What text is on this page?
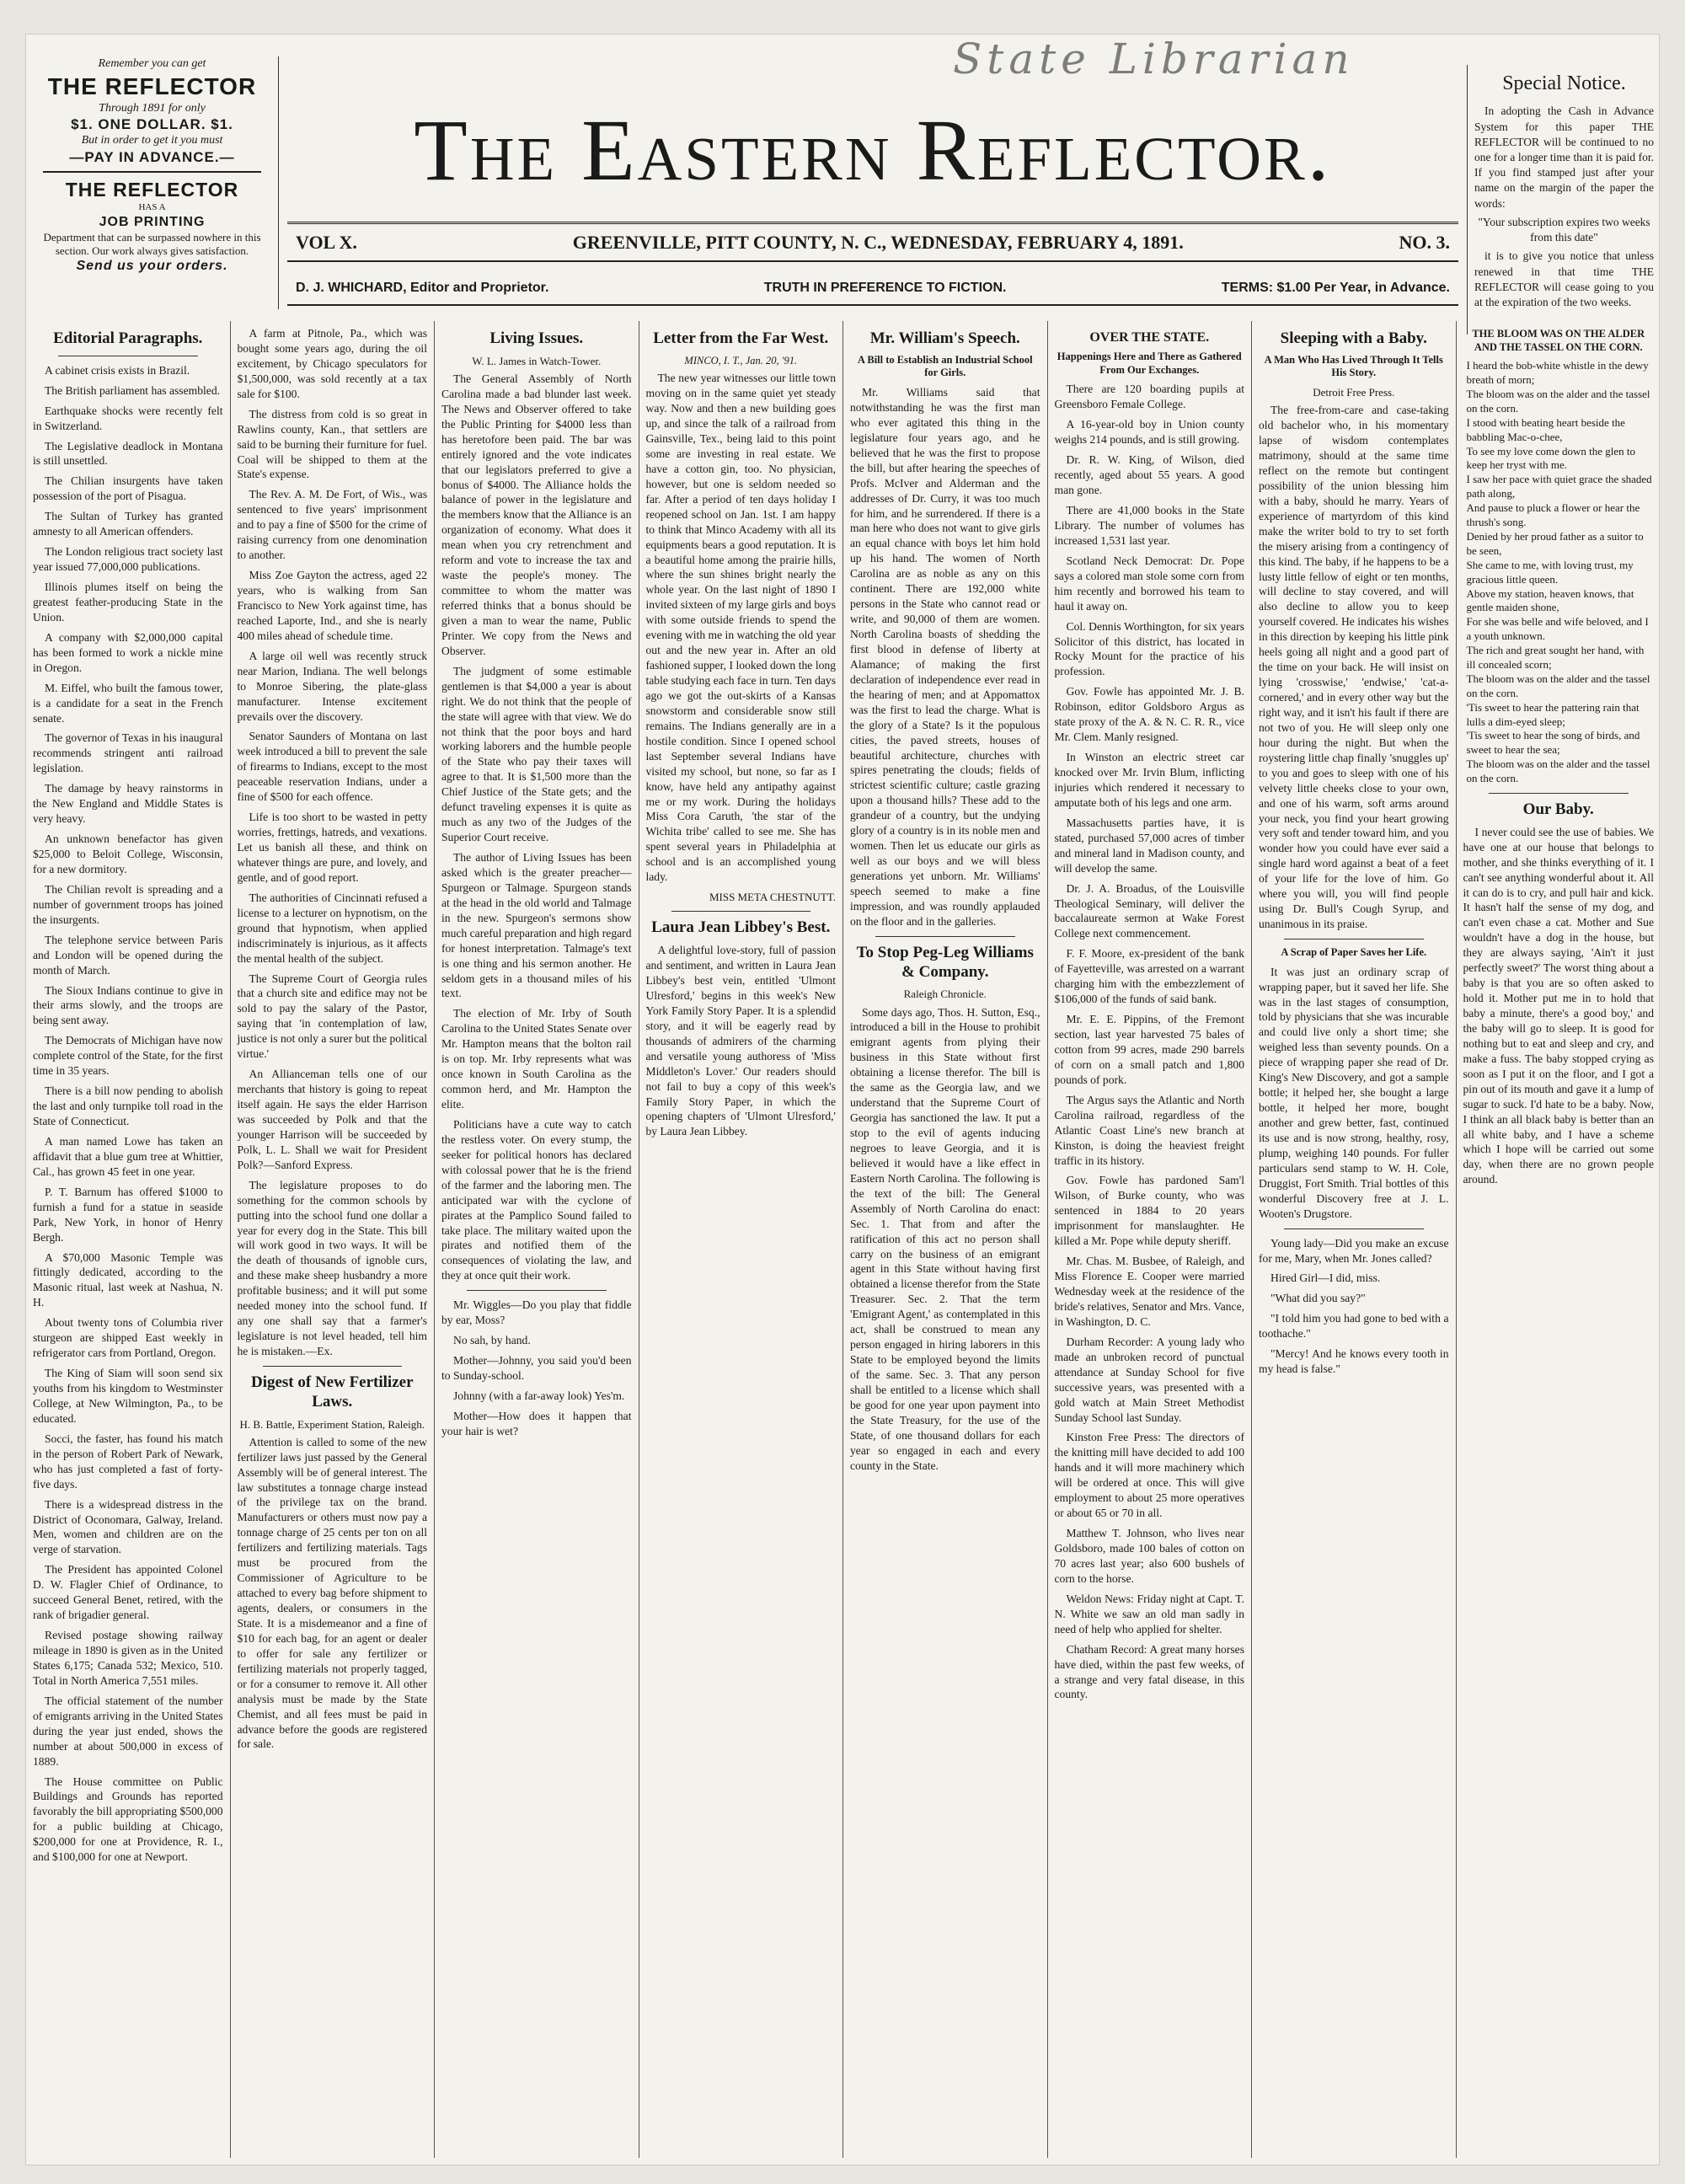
State Librarian
Remember you can get
THE REFLECTOR
Through 1891 for only
$1. ONE DOLLAR. $1.
But in order to get it you must
—PAY IN ADVANCE.—
THE REFLECTOR
HAS A
JOB PRINTING
Department that can be surpassed nowhere in this section. Our work always gives satisfaction.
Send us your orders.
The Eastern Reflector.
VOL X.	GREENVILLE, PITT COUNTY, N. C., WEDNESDAY, FEBRUARY 4, 1891.	NO. 3.
D. J. WHICHARD, Editor and Proprietor.	TRUTH IN PREFERENCE TO FICTION.	TERMS: $1.00 Per Year, in Advance.
Special Notice.

In adopting the Cash in Advance System for this paper THE REFLECTOR will be continued to no one for a longer time than it is paid for. If you find stamped just after your name on the margin of the paper the words:

"Your subscription expires two weeks from this date"

it is to give you notice that unless renewed in that time THE REFLECTOR will cease going to you at the expiration of the two weeks.

Editorial Paragraphs.

A cabinet crisis exists in Brazil.

The British parliament has assembled.

Earthquake shocks were recently felt in Switzerland.

The Legislative deadlock in Montana is still unsettled.

The Chilian insurgents have taken possession of the port of Pisagua.

The Sultan of Turkey has granted amnesty to all American offenders.

The London religious tract society last year issued 77,000,000 publications.

Illinois plumes itself on being the greatest feather-producing State in the Union.

A company with $2,000,000 capital has been formed to work a nickle mine in Oregon.

M. Eiffel, who built the famous tower, is a candidate for a seat in the French senate.

The governor of Texas in his inaugural recommends stringent anti railroad legislation.

The damage by heavy rainstorms in the New England and Middle States is very heavy.

An unknown benefactor has given $25,000 to Beloit College, Wisconsin, for a new dormitory.

The Chilian revolt is spreading and a number of government troops has joined the insurgents.

The telephone service between Paris and London will be opened during the month of March.

The Sioux Indians continue to give in their arms slowly, and the troops are being sent away.

The Democrats of Michigan have now complete control of the State, for the first time in 35 years.

There is a bill now pending to abolish the last and only turnpike toll road in the State of Connecticut.

A man named Lowe has taken an affidavit that a blue gum tree at Whittier, Cal., has grown 45 feet in one year.

P. T. Barnum has offered $1000 to furnish a fund for a statue in seaside Park, New York, in honor of Henry Bergh.

A $70,000 Masonic Temple was fittingly dedicated, according to the Masonic ritual, last week at Nashua, N. H.

About twenty tons of Columbia river sturgeon are shipped East weekly in refrigerator cars from Portland, Oregon.

The King of Siam will soon send six youths from his kingdom to Westminster College, at New Wilmington, Pa., to be educated.

Socci, the faster, has found his match in the person of Robert Park of Newark, who has just completed a fast of forty-five days.

There is a widespread distress in the District of Oconomara, Galway, Ireland. Men, women and children are on the verge of starvation.

The President has appointed Colonel D. W. Flagler Chief of Ordinance, to succeed General Benet, retired, with the rank of brigadier general.

Revised postage showing railway mileage in 1890 is given as in the United States 6,175; Canada 532; Mexico, 510. Total in North America 7,551 miles.

The official statement of the number of emigrants arriving in the United States during the year just ended, shows the number at about 500,000 in excess of 1889.

The House committee on Public Buildings and Grounds has reported favorably the bill appropriating $500,000 for a public building at Chicago, $200,000 for one at Providence, R. I., and $100,000 for one at Newport.

A farm at Pitnole, Pa., which was bought some years ago, during the oil excitement, by Chicago speculators for $1,500,000, was sold recently at a tax sale for $100.

The distress from cold is so great in Rawlins county, Kan., that settlers are said to be burning their furniture for fuel. Coal will be shipped to them at the State's expense.

The Rev. A. M. De Fort, of Wis., was sentenced to five years' imprisonment and to pay a fine of $500 for the crime of raising currency from one denomination to another.

Miss Zoe Gayton the actress, aged 22 years, who is walking from San Francisco to New York against time, has reached Laporte, Ind., and she is nearly 400 miles ahead of schedule time.

A large oil well was recently struck near Marion, Indiana. The well belongs to Monroe Sibering, the plate-glass manufacturer. Intense excitement prevails over the discovery.

Senator Saunders of Montana on last week introduced a bill to prevent the sale of firearms to Indians, except to the most peaceable reservation Indians, under a fine of $500 for each offence.

Life is too short to be wasted in petty worries, frettings, hatreds, and vexations. Let us banish all these, and think on whatever things are pure, and lovely, and gentle, and of good report.

The authorities of Cincinnati refused a license to a lecturer on hypnotism, on the ground that hypnotism, when applied indiscriminately is injurious, as it affects the mental health of the subject.

The Supreme Court of Georgia rules that a church site and edifice may not be sold to pay the salary of the Pastor, saying that 'in contemplation of law, justice is not only a surer but the political virtue.'

An Allianceman tells one of our merchants that history is going to repeat itself again. He says the elder Harrison was succeeded by Polk and that the younger Harrison will be succeeded by Polk, L. L. Shall we wait for President Polk?—Sanford Express.

The legislature proposes to do something for the common schools by putting into the school fund one dollar a year for every dog in the State. This bill will work good in two ways. It will be the death of thousands of ignoble curs, and these make sheep husbandry a more profitable business; and it will put some needed money into the school fund. If any one shall say that a farmer's legislature is not level headed, tell him he is mistaken.—Ex.

Digest of New Fertilizer Laws.
H. B. Battle, Experiment Station, Raleigh.

Attention is called to some of the new fertilizer laws just passed by the General Assembly will be of general interest. The law substitutes a tonnage charge instead of the privilege tax on the brand. Manufacturers or others must now pay a tonnage charge of 25 cents per ton on all fertilizers and fertilizing materials. Tags must be procured from the Commissioner of Agriculture to be attached to every bag before shipment to agents, dealers, or consumers in the State. It is a misdemeanor and a fine of $10 for each bag, for an agent or dealer to offer for sale any fertilizer or fertilizing materials not properly tagged, or for a consumer to remove it. All other analysis must be made by the State Chemist, and all fees must be paid in advance before the goods are registered for sale.

Living Issues.
W. L. James in Watch-Tower.

The General Assembly of North Carolina made a bad blunder last week. The News and Observer offered to take the Public Printing for $4000 less than has heretofore been paid. The bar was entirely ignored and the vote indicates that our legislators preferred to give a bonus of $4000. The Alliance holds the balance of power in the legislature and the members know that the Alliance is an organization of economy. What does it mean when you cry retrenchment and reform and vote to increase the tax and waste the people's money. The committee to whom the matter was referred thinks that a bonus should be given a man to wear the name, Public Printer. We copy from the News and Observer.

The judgment of some estimable gentlemen is that $4,000 a year is about right. We do not think that the people of the state will agree with that view. We do not think that the poor boys and hard working laborers and the humble people of the State who pay their taxes will agree to that. It is $1,500 more than the Chief Justice of the State gets; and the defunct traveling expenses it is quite as much as any two of the Judges of the Superior Court receive.

The author of Living Issues has been asked which is the greater preacher—Spurgeon or Talmage. Spurgeon stands at the head in the old world and Talmage in the new. Spurgeon's sermons show much careful preparation and high regard for honest interpretation. Talmage's text is one thing and his sermon another. He seldom gets in a thousand miles of his text.

The election of Mr. Irby of South Carolina to the United States Senate over Mr. Hampton means that the bolton rail is on top. Mr. Irby represents what was once known in South Carolina as the common herd, and Mr. Hampton the elite.

Politicians have a cute way to catch the restless voter. On every stump, the seeker for political honors has declared with colossal power that he is the friend of the farmer and the laboring men. The anticipated war with the cyclone of pirates at the Pamplico Sound failed to take place. The military waited upon the pirates and notified them of the consequences of violating the law, and they at once quit their work.

Mr. Wiggles—Do you play that fiddle by ear, Moss?

No sah, by hand.

Mother—Johnny, you said you'd been to Sunday-school.

Johnny (with a far-away look) Yes'm.

Mother—How does it happen that your hair is wet?

Letter from the Far West.
MINCO, I. T., Jan. 20, '91.

The new year witnesses our little town moving on in the same quiet yet steady way. Now and then a new building goes up, and since the talk of a railroad from Gainsville, Tex., being laid to this point some are investing in real estate. We have a cotton gin, too. No physician, however, but one is seldom needed so far. After a period of ten days holiday I reopened school on Jan. 1st. I am happy to think that Minco Academy with all its equipments bears a good reputation. It is a beautiful home among the prairie hills, where the sun shines bright nearly the whole year. On the last night of 1890 I invited sixteen of my large girls and boys with some outside friends to spend the evening with me in watching the old year out and the new year in. After an old fashioned supper, I looked down the long table studying each face in turn. Ten days ago we got the out-skirts of a Kansas snowstorm and considerable snow still remains. The Indians generally are in a hostile condition. Since I opened school last September several Indians have visited my school, but none, so far as I know, have held any antipathy against me or my work. During the holidays Miss Cora Caruth, 'the star of the Wichita tribe' called to see me. She has spent several years in Philadelphia at school and is an accomplished young lady.

MISS META CHESTNUTT.
Laura Jean Libbey's Best.

A delightful love-story, full of passion and sentiment, and written in Laura Jean Libbey's best vein, entitled 'Ulmont Ulresford,' begins in this week's New York Family Story Paper. It is a splendid story, and it will be eagerly read by thousands of admirers of the charming and versatile young authoress of 'Miss Middleton's Lover.' Our readers should not fail to buy a copy of this week's Family Story Paper, in which the opening chapters of 'Ulmont Ulresford,' by Laura Jean Libbey.

Mr. William's Speech.
A Bill to Establish an Industrial School for Girls.

Mr. Williams said that notwithstanding he was the first man who ever agitated this thing in the legislature four years ago, and he believed that he was the first to propose the bill, but after hearing the speeches of Profs. McIver and Alderman and the addresses of Dr. Curry, it was too much for him, and he surrendered. If there is a man here who does not want to give girls an equal chance with boys let him hold up his hand. The women of North Carolina are as noble as any on this continent. There are 192,000 white persons in the State who cannot read or write, and 90,000 of them are women. North Carolina boasts of shedding the first blood in defense of liberty at Alamance; of making the first declaration of independence ever read in the hearing of men; and at Appomattox was the first to lead the charge. What is the glory of a State? Is it the populous cities, the paved streets, houses of beautiful architecture, churches with spires penetrating the clouds; fields of strictest scientific culture; castle grazing upon a thousand hills? These add to the grandeur of a country, but the undying glory of a country is in its noble men and women. Then let us educate our girls as well as our boys and we will bless generations yet unborn. Mr. Williams' speech seemed to make a fine impression, and was roundly applauded on the floor and in the galleries.

To Stop Peg-Leg Williams & Company.
Raleigh Chronicle.

Some days ago, Thos. H. Sutton, Esq., introduced a bill in the House to prohibit emigrant agents from plying their business in this State without first obtaining a license therefor. The bill is the same as the Georgia law, and we understand that the Supreme Court of Georgia has sanctioned the law. It put a stop to the evil of agents inducing negroes to leave Georgia, and it is believed it would have a like effect in Eastern North Carolina. The following is the text of the bill: The General Assembly of North Carolina do enact: Sec. 1. That from and after the ratification of this act no person shall carry on the business of an emigrant agent in this State without having first obtained a license therefor from the State Treasurer. Sec. 2. That the term 'Emigrant Agent,' as contemplated in this act, shall be construed to mean any person engaged in hiring laborers in this State to be employed beyond the limits of the same. Sec. 3. That any person shall be entitled to a license which shall be good for one year upon payment into the State Treasury, for the use of the State, of one thousand dollars for each year so engaged in each and every county in the State.

OVER THE STATE.
Happenings Here and There as Gathered From Our Exchanges.

There are 120 boarding pupils at Greensboro Female College.

A 16-year-old boy in Union county weighs 214 pounds, and is still growing.

Dr. R. W. King, of Wilson, died recently, aged about 55 years. A good man gone.

There are 41,000 books in the State Library. The number of volumes has increased 1,531 last year.

Scotland Neck Democrat: Dr. Pope says a colored man stole some corn from him recently and borrowed his team to haul it away on.

Col. Dennis Worthington, for six years Solicitor of this district, has located in Rocky Mount for the practice of his profession.

Gov. Fowle has appointed Mr. J. B. Robinson, editor Goldsboro Argus as state proxy of the A. & N. C. R. R., vice Mr. Clem. Manly resigned.

In Winston an electric street car knocked over Mr. Irvin Blum, inflicting injuries which rendered it necessary to amputate both of his legs and one arm.

Massachusetts parties have, it is stated, purchased 57,000 acres of timber and mineral land in Madison county, and will develop the same.

Dr. J. A. Broadus, of the Louisville Theological Seminary, will deliver the baccalaureate sermon at Wake Forest College next commencement.

F. F. Moore, ex-president of the bank of Fayetteville, was arrested on a warrant charging him with the embezzlement of $106,000 of the funds of said bank.

Mr. E. E. Pippins, of the Fremont section, last year harvested 75 bales of cotton from 99 acres, made 290 barrels of corn on a small patch and 1,800 pounds of pork.

The Argus says the Atlantic and North Carolina railroad, regardless of the Atlantic Coast Line's new branch at Kinston, is doing the heaviest freight traffic in its history.

Gov. Fowle has pardoned Sam'l Wilson, of Burke county, who was sentenced in 1884 to 20 years imprisonment for manslaughter. He killed a Mr. Pope while deputy sheriff.

Mr. Chas. M. Busbee, of Raleigh, and Miss Florence E. Cooper were married Wednesday week at the residence of the bride's relatives, Senator and Mrs. Vance, in Washington, D. C.

Durham Recorder: A young lady who made an unbroken record of punctual attendance at Sunday School for five successive years, was presented with a gold watch at Main Street Methodist Sunday School last Sunday.

Kinston Free Press: The directors of the knitting mill have decided to add 100 hands and it will more machinery which will be ordered at once. This will give employment to about 25 more operatives or about 65 or 70 in all.

Matthew T. Johnson, who lives near Goldsboro, made 100 bales of cotton on 70 acres last year; also 600 bushels of corn to the horse.

Weldon News: Friday night at Capt. T. N. White we saw an old man sadly in need of help who applied for shelter.

Chatham Record: A great many horses have died, within the past few weeks, of a strange and very fatal disease, in this county.

Sleeping with a Baby.
A Man Who Has Lived Through It Tells His Story.
Detroit Free Press.

The free-from-care and case-taking old bachelor who, in his momentary lapse of wisdom contemplates matrimony, should at the same time reflect on the remote but contingent possibility of the union blessing him with a baby, should he marry. Years of experience of martyrdom of this kind make the writer bold to try to set forth the misery arising from a contingency of this kind. The baby, if he happens to be a lusty little fellow of eight or ten months, will decline to stay covered, and will also decline to allow you to keep yourself covered. He indicates his wishes in this direction by keeping his little pink heels going all night and a good part of the time on your back. He will insist on lying 'crosswise,' 'endwise,' 'cat-a-cornered,' and in every other way but the right way, and it isn't his fault if there are not two of you. He will sleep only one hour during the night. But when the roystering little chap finally 'snuggles up' to you and goes to sleep with one of his velvety little cheeks close to your own, and one of his warm, soft arms around your neck, you find your heart growing very soft and tender toward him, and you wonder how you could have ever said a single hard word against a beat of a feet of your life for the love of him. Go where you will, you will find people using Dr. Bull's Cough Syrup, and unanimous in its praise.

A Scrap of Paper Saves her Life.

It was just an ordinary scrap of wrapping paper, but it saved her life. She was in the last stages of consumption, told by physicians that she was incurable and could live only a short time; she weighed less than seventy pounds. On a piece of wrapping paper she read of Dr. King's New Discovery, and got a sample bottle; it helped her, she bought a large bottle, it helped her more, bought another and grew better, fast, continued its use and is now strong, healthy, rosy, plump, weighing 140 pounds. For fuller particulars send stamp to W. H. Cole, Druggist, Fort Smith. Trial bottles of this wonderful Discovery free at J. L. Wooten's Drugstore.

Young lady—Did you make an excuse for me, Mary, when Mr. Jones called?

Hired Girl—I did, miss.

"What did you say?"

"I told him you had gone to bed with a toothache."

"Mercy! And he knows every tooth in my head is false."

THE BLOOM WAS ON THE ALDER AND THE TASSEL ON THE CORN.
I heard the bob-white whistle in the dewy breath of morn;
The bloom was on the alder and the tassel on the corn.
I stood with beating heart beside the babbling Mac-o-chee,
To see my love come down the glen to keep her tryst with me.
I saw her pace with quiet grace the shaded path along,
And pause to pluck a flower or hear the thrush's song.
Denied by her proud father as a suitor to be seen,
She came to me, with loving trust, my gracious little queen.
Above my station, heaven knows, that gentle maiden shone,
For she was belle and wife beloved, and I a youth unknown.
The rich and great sought her hand, with ill concealed scorn;
The bloom was on the alder and the tassel on the corn.
'Tis sweet to hear the pattering rain that lulls a dim-eyed sleep;
'Tis sweet to hear the song of birds, and sweet to hear the sea;
The bloom was on the alder and the tassel on the corn.
Our Baby.

I never could see the use of babies. We have one at our house that belongs to mother, and she thinks everything of it. I can't see anything wonderful about it. All it can do is to cry, and pull hair and kick. It hasn't half the sense of my dog, and can't even chase a cat. Mother and Sue wouldn't have a dog in the house, but they are always saying, 'Ain't it just perfectly sweet?' The worst thing about a baby is that you are so often asked to hold it. Mother put me in to hold that baby a minute, there's a good boy,' and the baby will go to sleep. It is good for nothing but to eat and sleep and cry, and make a fuss. The baby stopped crying as soon as I put it on the floor, and I got a pin out of its mouth and gave it a lump of sugar to suck. I'd hate to be a baby. Now, I think an all black baby is better than an all white baby, and I have a scheme which I hope will be carried out some day, when there are no grown people around.
